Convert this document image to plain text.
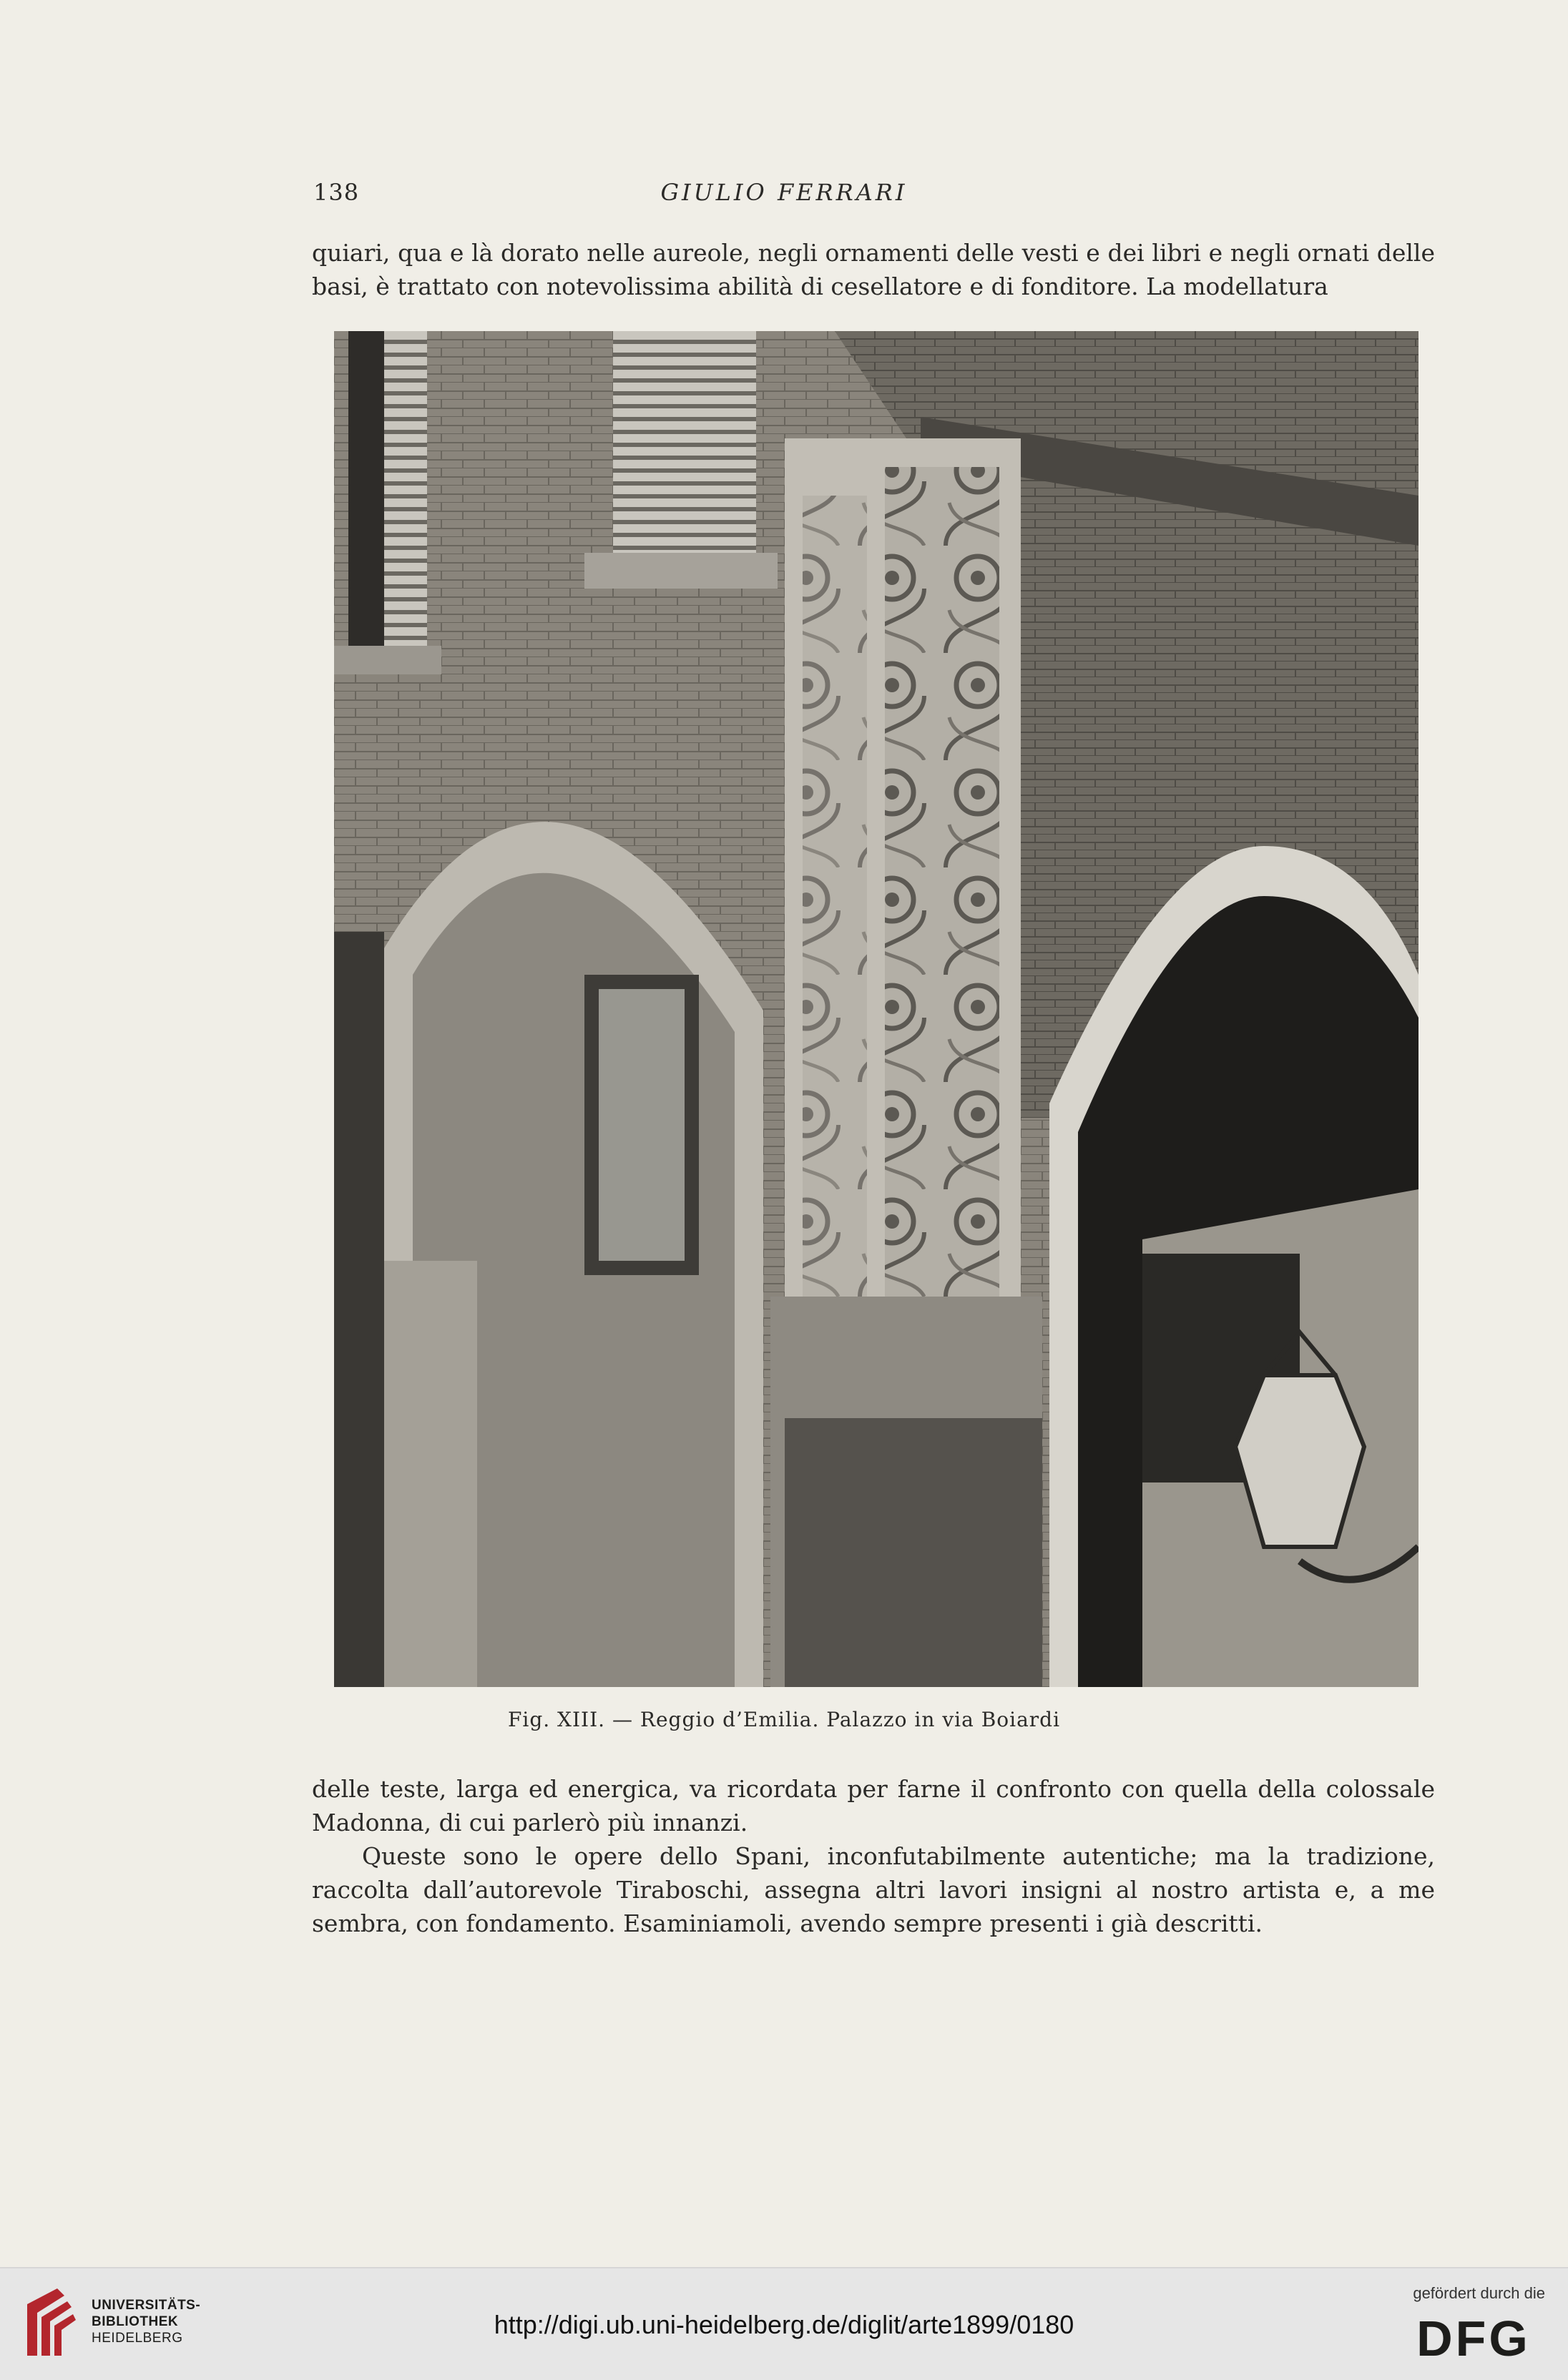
138	GIULIO FERRARI

quiari, qua e là dorato nelle aureole, negli ornamenti delle vesti e dei libri e negli ornati delle basi, è trattato con notevolissima abilità di cesellatore e di fonditore. La modellatura

Fig. XIII. — Reggio d’Emilia. Palazzo in via Boiardi

delle teste, larga ed energica, va ricordata per farne il confronto con quella della colossale Madonna, di cui parlerò più innanzi.

Queste sono le opere dello Spani, inconfutabilmente autentiche; ma la tradizione, raccolta dall’autorevole Tiraboschi, assegna altri lavori insigni al nostro artista e, a me sembra, con fondamento. Esaminiamoli, avendo sempre presenti i già descritti.

UNIVERSITÄTS-
BIBLIOTHEK
HEIDELBERG	http://digi.ub.uni-heidelberg.de/diglit/arte1899/0180
gefördert durch die
DFG
